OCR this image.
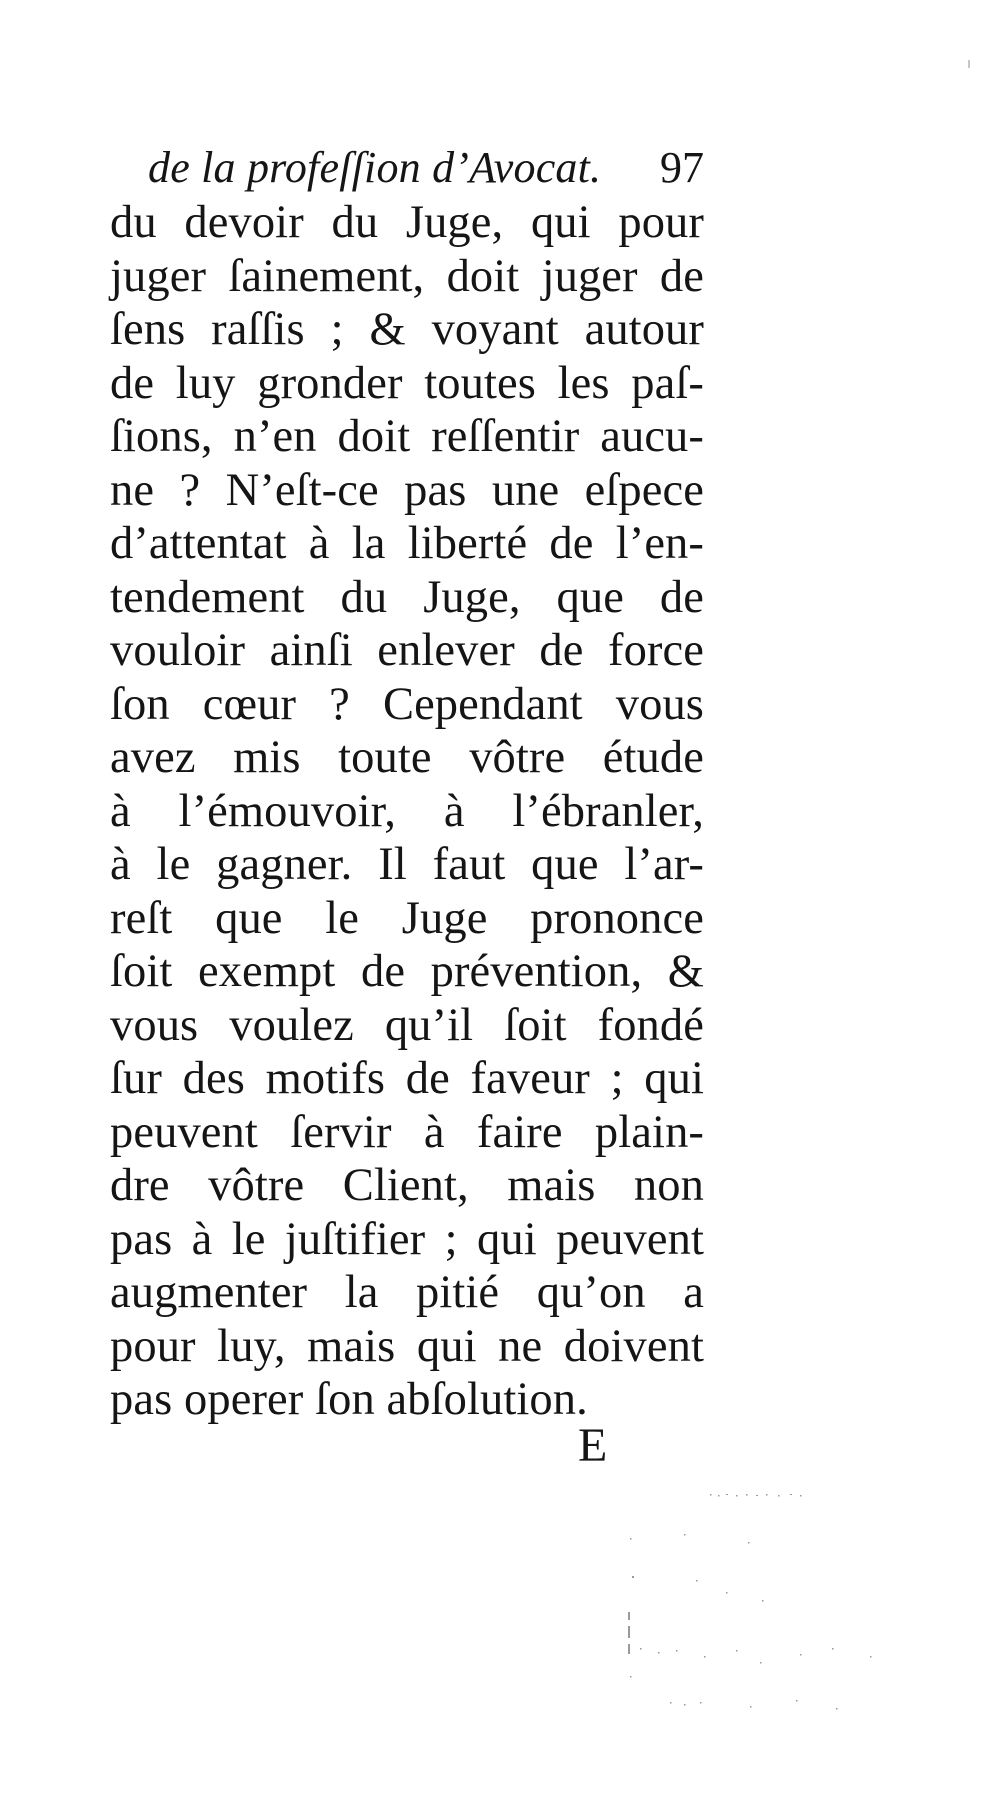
de la profeſſion d’Avocat. 97
du devoir du Juge, qui pour
juger ſainement, doit juger de
ſens raſſis ; & voyant autour
de luy gronder toutes les paſ-
ſions, n’en doit reſſentir aucu-
ne ? N’eſt-ce pas une eſpece
d’attentat à la liberté de l’en-
tendement du Juge, que de
vouloir ainſi enlever de force
ſon cœur ? Cependant vous
avez mis toute vôtre étude
à l’émouvoir, à l’ébranler,
à le gagner. Il faut que l’ar-
reſt que le Juge prononce
ſoit exempt de prévention, &
vous voulez qu’il ſoit fondé
ſur des motifs de faveur ; qui
peuvent ſervir à faire plain-
dre vôtre Client, mais non
pas à le juſtifier ; qui peuvent
augmenter la pitié qu’on a
pour luy, mais qui ne doivent
pas operer ſon abſolution.
E
